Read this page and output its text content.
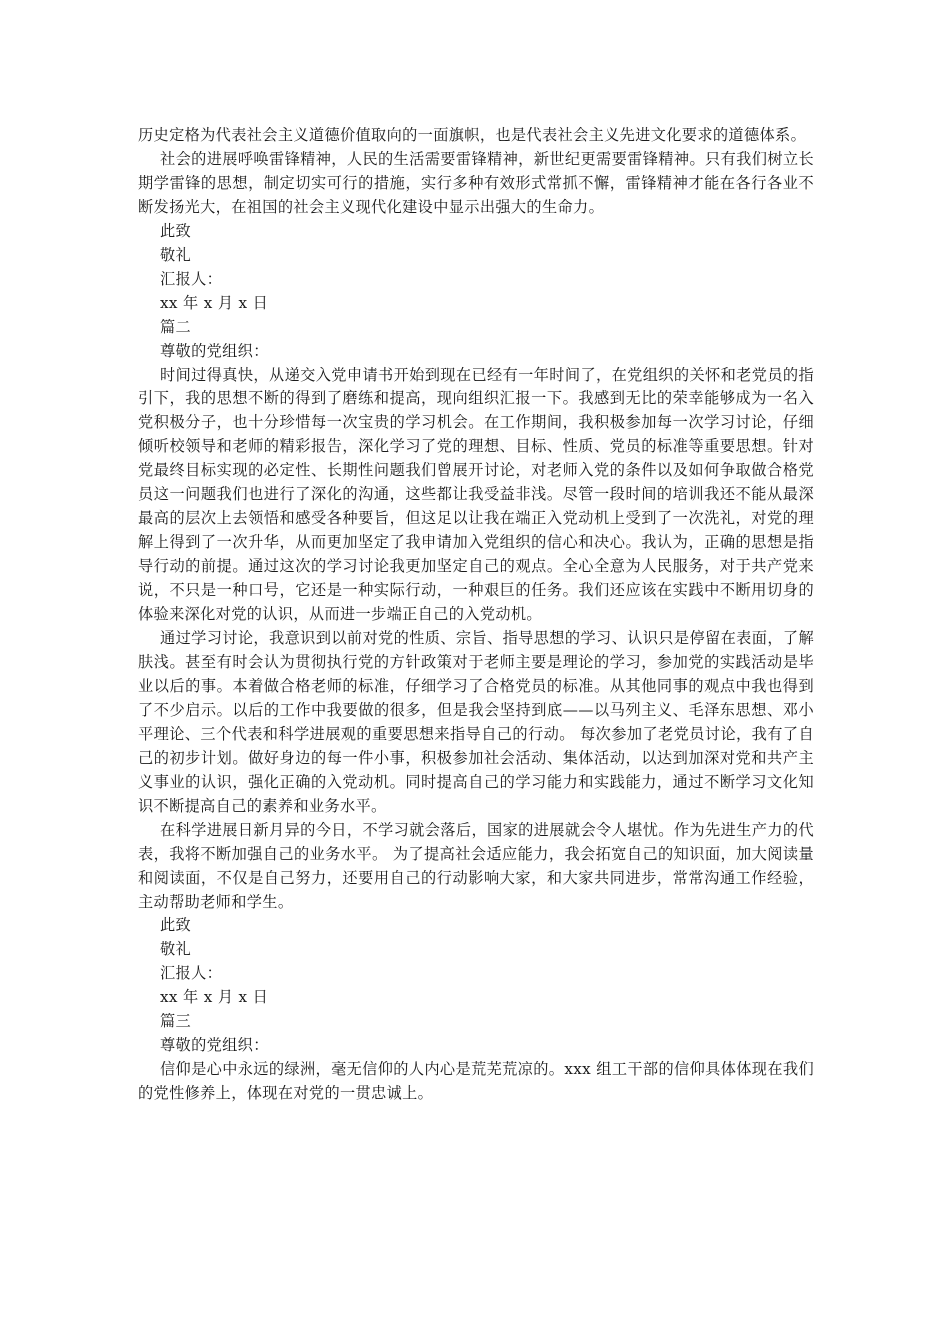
历史定格为代表社会主义道德价值取向的一面旗帜，也是代表社会主义先进文化要求的道德体系。

社会的进展呼唤雷锋精神，人民的生活需要雷锋精神，新世纪更需要雷锋精神。只有我们树立长期学雷锋的思想，制定切实可行的措施，实行多种有效形式常抓不懈，雷锋精神才能在各行各业不断发扬光大，在祖国的社会主义现代化建设中显示出强大的生命力。

此致

敬礼

汇报人：

xx 年 x 月 x 日

篇二

尊敬的党组织：

时间过得真快，从递交入党申请书开始到现在已经有一年时间了，在党组织的关怀和老党员的指引下，我的思想不断的得到了磨练和提高，现向组织汇报一下。我感到无比的荣幸能够成为一名入党积极分子，也十分珍惜每一次宝贵的学习机会。在工作期间，我积极参加每一次学习讨论，仔细倾听校领导和老师的精彩报告，深化学习了党的理想、目标、性质、党员的标准等重要思想。针对党最终目标实现的必定性、长期性问题我们曾展开讨论，对老师入党的条件以及如何争取做合格党员这一问题我们也进行了深化的沟通，这些都让我受益非浅。尽管一段时间的培训我还不能从最深最高的层次上去领悟和感受各种要旨，但这足以让我在端正入党动机上受到了一次洗礼，对党的理解上得到了一次升华，从而更加坚定了我申请加入党组织的信心和决心。我认为，正确的思想是指导行动的前提。通过这次的学习讨论我更加坚定自己的观点。全心全意为人民服务，对于共产党来说，不只是一种口号，它还是一种实际行动，一种艰巨的任务。我们还应该在实践中不断用切身的体验来深化对党的认识，从而进一步端正自己的入党动机。

通过学习讨论，我意识到以前对党的性质、宗旨、指导思想的学习、认识只是停留在表面，了解肤浅。甚至有时会认为贯彻执行党的方针政策对于老师主要是理论的学习，参加党的实践活动是毕业以后的事。本着做合格老师的标准，仔细学习了合格党员的标准。从其他同事的观点中我也得到了不少启示。以后的工作中我要做的很多，但是我会坚持到底——以马列主义、毛泽东思想、邓小平理论、三个代表和科学进展观的重要思想来指导自己的行动。 每次参加了老党员讨论，我有了自己的初步计划。做好身边的每一件小事，积极参加社会活动、集体活动，以达到加深对党和共产主义事业的认识，强化正确的入党动机。同时提高自己的学习能力和实践能力，通过不断学习文化知识不断提高自己的素养和业务水平。

在科学进展日新月异的今日，不学习就会落后，国家的进展就会令人堪忧。作为先进生产力的代表，我将不断加强自己的业务水平。 为了提高社会适应能力，我会拓宽自己的知识面，加大阅读量和阅读面，不仅是自己努力，还要用自己的行动影响大家，和大家共同进步，常常沟通工作经验，主动帮助老师和学生。

此致

敬礼

汇报人：

xx 年 x 月 x 日

篇三

尊敬的党组织：

信仰是心中永远的绿洲，毫无信仰的人内心是荒芜荒凉的。xxx 组工干部的信仰具体体现在我们的党性修养上，体现在对党的一贯忠诚上。
